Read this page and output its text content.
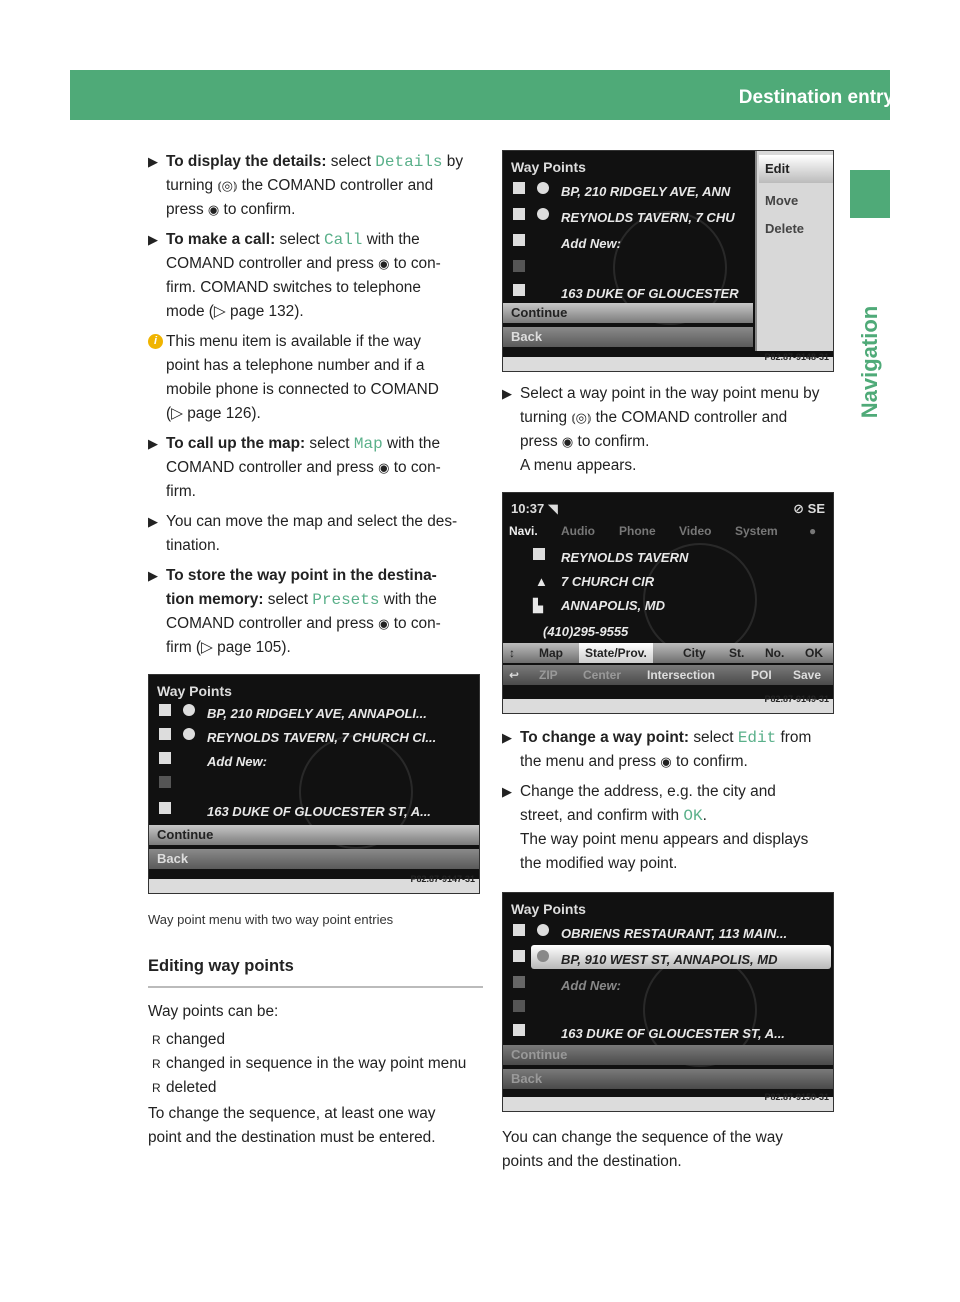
Destination entry	75
Navigation
▶ To display the details: select Details by
turning ⦅◎⦆ the COMAND controller and
press ◉ to confirm.
▶ To make a call: select Call with the
COMAND controller and press ◉ to con-
firm. COMAND switches to telephone
mode (▷ page 132).
i This menu item is available if the way
point has a telephone number and if a
mobile phone is connected to COMAND
(▷ page 126).
▶ To call up the map: select Map with the
COMAND controller and press ◉ to con-
firm.
▶ You can move the map and select the des-
tination.
▶ To store the way point in the destina-
tion memory: select Presets with the
COMAND controller and press ◉ to con-
firm (▷ page 105).
Way Points
BP, 210 RIDGELY AVE, ANNAPOLI...
REYNOLDS TAVERN, 7 CHURCH CI...
Add New:
163 DUKE OF GLOUCESTER ST, A...
Continue
Back
P82.87-9147-31
Way point menu with two way point entries
Editing way points
Way points can be:
R changed
R changed in sequence in the way point menu
R deleted
To change the sequence, at least one way
point and the destination must be entered.
Way Points
BP, 210 RIDGELY AVE, ANN
REYNOLDS TAVERN, 7 CHU
Add New:
163 DUKE OF GLOUCESTER
Continue
Back
Edit
Move
Delete
P82.87-9148-31
▶ Select a way point in the way point menu by
turning ⦅◎⦆ the COMAND controller and
press ◉ to confirm.
A menu appears.
10:37 ◥	⊘ SE
Navi. Audio Phone Video System	●
REYNOLDS TAVERN
▲ 7 CHURCH CIR
▙ ANNAPOLIS, MD
(410)295-9555
↕ Map	State/Prov.	City St. No. OK
↩ ZIP Center Intersection	POI Save
P82.87-9149-31
▶ To change a way point: select Edit from
the menu and press ◉ to confirm.
▶ Change the address, e.g. the city and
street, and confirm with OK.
The way point menu appears and displays
the modified way point.
Way Points
OBRIENS RESTAURANT, 113 MAIN...
BP, 910 WEST ST, ANNAPOLIS, MD
Add New:
163 DUKE OF GLOUCESTER ST, A...
Continue
Back
P82.87-9150-31
You can change the sequence of the way
points and the destination.
